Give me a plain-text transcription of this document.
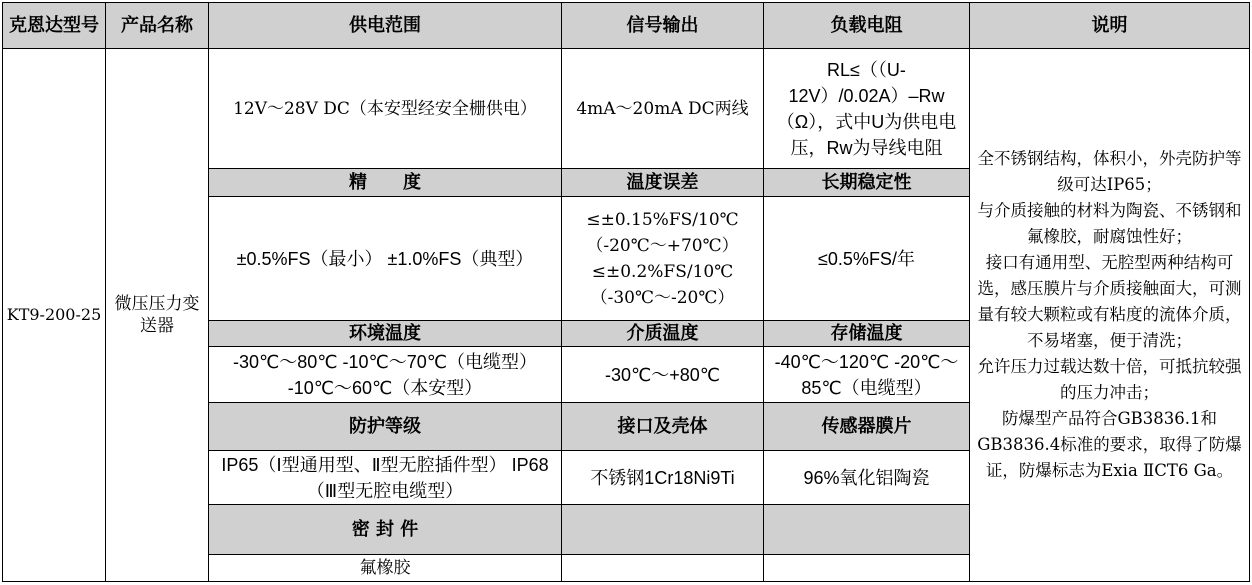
克恩达型号	产品名称	供电范围	信号输出	负载电阻	说明
KT9-200-25	微压压力变送器	12V～28V DC（本安型经安全栅供电）	4mA～20mA DC两线	RL≤（（U-12V）/0.02A）–Rw（Ω），式中U为供电电压，Rw为导线电阻	全不锈钢结构，体积小，外壳防护等级可达IP65；
与介质接触的材料为陶瓷、不锈钢和氟橡胶，耐腐蚀性好；
接口有通用型、无腔型两种结构可选，感压膜片与介质接触面大，可测量有较大颗粒或有粘度的流体介质，不易堵塞，便于清洗；
允许压力过载达数十倍，可抵抗较强的压力冲击；
防爆型产品符合GB3836.1和GB3836.4标准的要求，取得了防爆证，防爆标志为Exia ⅡCT6 Ga。

		精　　度	温度误差	长期稳定性	
		±0.5%FS（最小） ±1.0%FS（典型）	≤±0.15%FS/10℃
（-20℃～+70℃）
≤±0.2%FS/10℃
（-30℃～-20℃）	≤0.5%FS/年	
		环境温度	介质温度	存储温度	
		-30℃～80℃ -10℃～70℃（电缆型） -10℃～60℃（本安型）	-30℃～+80℃	-40℃～120℃ -20℃～85℃（电缆型）	
		防护等级	接口及壳体	传感器膜片	
		IP65（Ⅰ型通用型、Ⅱ型无腔插件型） IP68（Ⅲ型无腔电缆型）	不锈钢1Cr18Ni9Ti	96%氧化铝陶瓷	
		密 封 件			
		氟橡胶			
